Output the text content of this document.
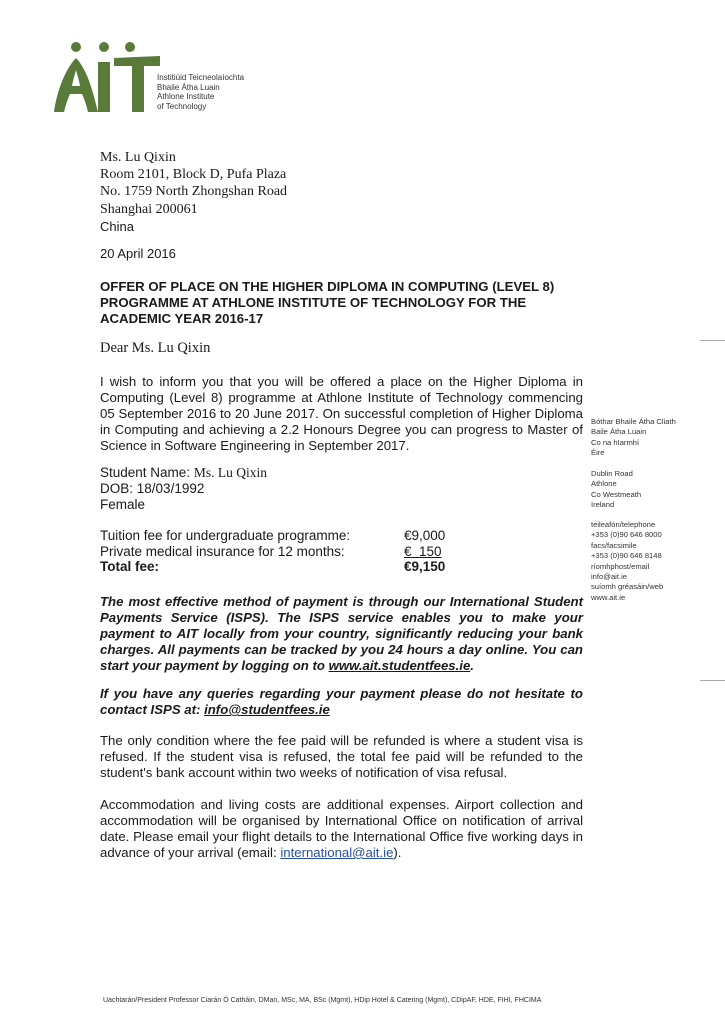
Institiúid Teicneolaíochta
Bhaile Átha Luain
Athlone Institute
of Technology
Ms. Lu Qixin
Room 2101, Block D, Pufa Plaza
No. 1759 North Zhongshan Road
Shanghai 200061
China
20 April 2016
OFFER OF PLACE ON THE HIGHER DIPLOMA IN COMPUTING (LEVEL 8) PROGRAMME AT ATHLONE INSTITUTE OF TECHNOLOGY FOR THE ACADEMIC YEAR 2016-17
Dear Ms. Lu Qixin
I wish to inform you that you will be offered a place on the Higher Diploma in Computing (Level 8) programme at Athlone Institute of Technology commencing 05 September 2016 to 20 June 2017. On successful completion of Higher Diploma in Computing and achieving a 2.2 Honours Degree you can progress to Master of Science in Software Engineering in September 2017.
Student Name: Ms. Lu Qixin
DOB: 18/03/1992
Female
Tuition fee for undergraduate programme:	€9,000
Private medical insurance for 12 months:	€  150
Total fee:	€9,150
The most effective method of payment is through our International Student Payments Service (ISPS). The ISPS service enables you to make your payment to AIT locally from your country, significantly reducing your bank charges. All payments can be tracked by you 24 hours a day online. You can start your payment by logging on to www.ait.studentfees.ie.
If you have any queries regarding your payment please do not hesitate to contact ISPS at: info@studentfees.ie
The only condition where the fee paid will be refunded is where a student visa is refused. If the student visa is refused, the total fee paid will be refunded to the student's bank account within two weeks of notification of visa refusal.
Accommodation and living costs are additional expenses. Airport collection and accommodation will be organised by International Office on notification of arrival date. Please email your flight details to the International Office five working days in advance of your arrival (email: international@ait.ie).
Bóthar Bhaile Átha Cliath
Baile Átha Luain
Co na hIarmhí
Éire
Dublin Road
Athlone
Co Westmeath
Ireland
teileafón/telephone
+353 (0)90 646 8000
facs/facsimile
+353 (0)90 646 8148
ríomhphost/email
info@ait.ie
suíomh gréasáin/web
www.ait.ie
Uachtarán/President Professor Ciarán Ó Catháin, DMan, MSc, MA, BSc (Mgmt), HDip Hotel & Catering (Mgmt), CDipAF, HDE, FIHI, FHCIMA
